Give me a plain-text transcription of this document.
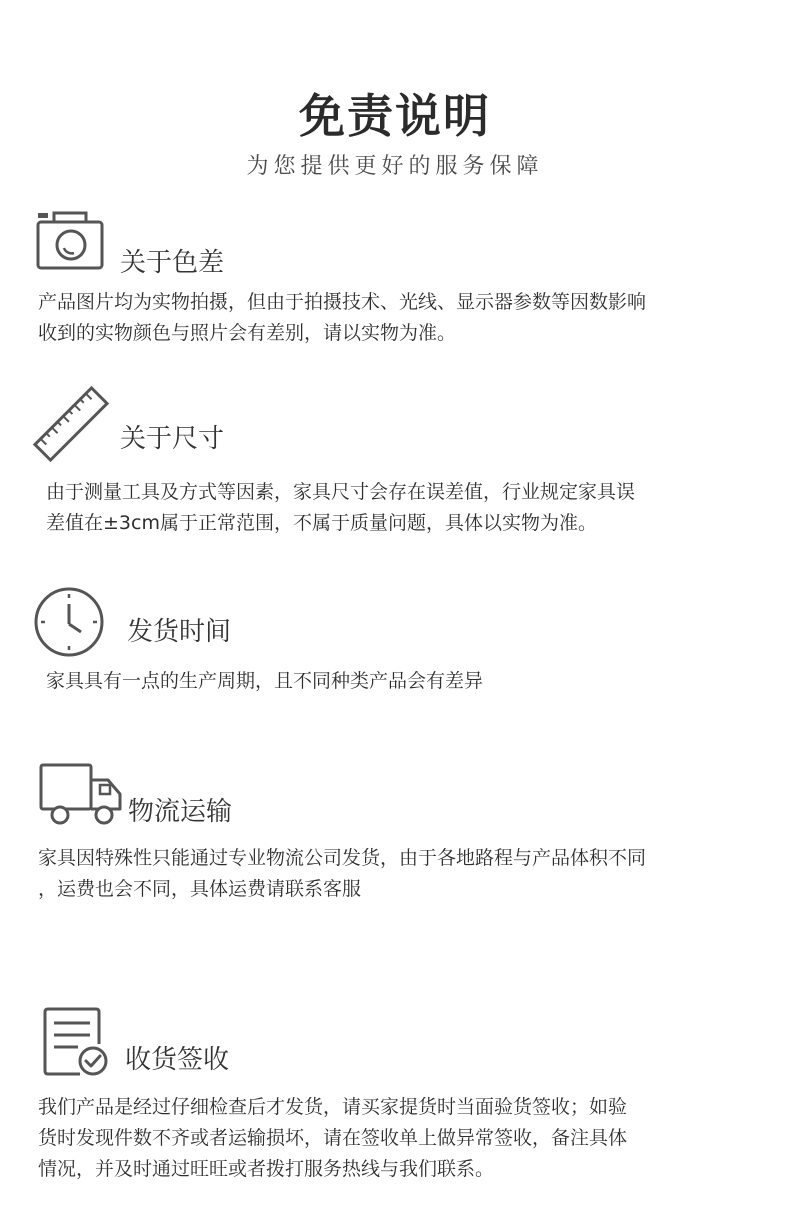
免责说明
为您提供更好的服务保障
关于色差
产品图片均为实物拍摄，但由于拍摄技术、光线、显示器参数等因数影响
收到的实物颜色与照片会有差别，请以实物为准。
关于尺寸
由于测量工具及方式等因素，家具尺寸会存在误差值，行业规定家具误
差值在±3cm属于正常范围，不属于质量问题，具体以实物为准。
发货时间
家具具有一点的生产周期，且不同种类产品会有差异
物流运输
家具因特殊性只能通过专业物流公司发货，由于各地路程与产品体积不同
，运费也会不同，具体运费请联系客服
收货签收
我们产品是经过仔细检查后才发货，请买家提货时当面验货签收；如验
货时发现件数不齐或者运输损坏，请在签收单上做异常签收，备注具体
情况，并及时通过旺旺或者拨打服务热线与我们联系。
